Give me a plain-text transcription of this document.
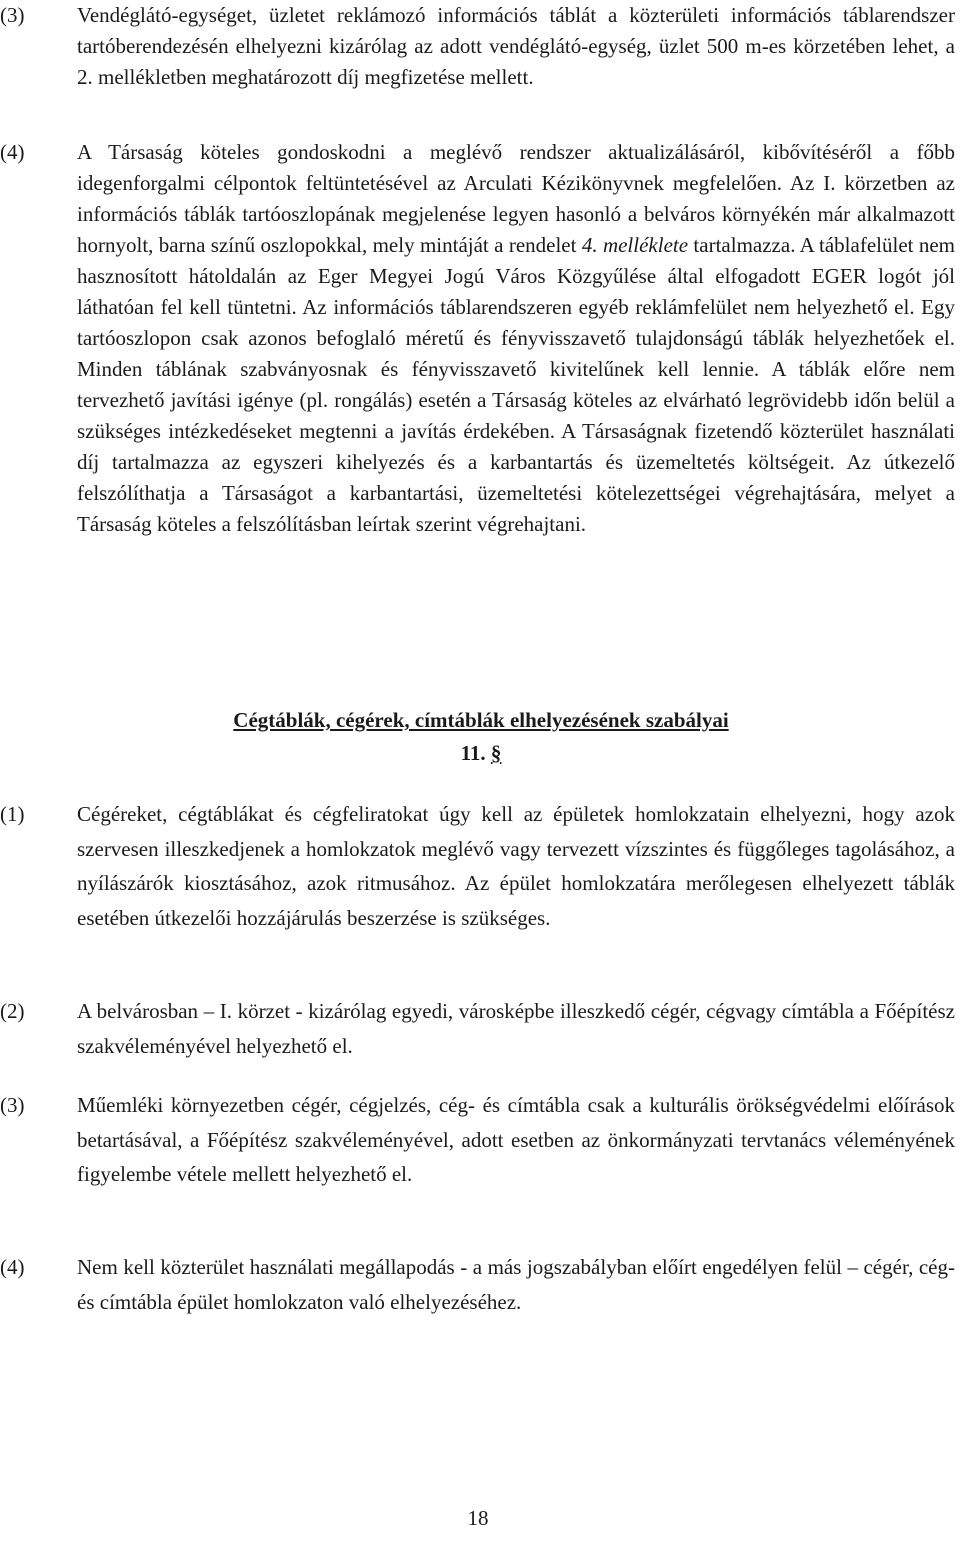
(3)	Vendéglátó-egységet, üzletet reklámozó információs táblát a közterületi információs táblarendszer tartóberendezésén elhelyezni kizárólag az adott vendéglátó-egység, üzlet 500 m-es körzetében lehet, a 2. mellékletben meghatározott díj megfizetése mellett.
(4)	A Társaság köteles gondoskodni a meglévő rendszer aktualizálásáról, kibővítéséről a főbb idegenforgalmi célpontok feltüntetésével az Arculati Kézikönyvnek megfelelően. Az I. körzetben az információs táblák tartóoszlopának megjelenése legyen hasonló a belváros környékén már alkalmazott hornyolt, barna színű oszlopokkal, mely mintáját a rendelet 4. melléklete tartalmazza. A táblafelület nem hasznosított hátoldalán az Eger Megyei Jogú Város Közgyűlése által elfogadott EGER logót jól láthatóan fel kell tüntetni. Az információs táblarendszeren egyéb reklámfelület nem helyezhető el. Egy tartóoszlopon csak azonos befoglaló méretű és fényvisszavető tulajdonságú táblák helyezhetőek el. Minden táblának szabványosnak és fényvisszavető kivitelűnek kell lennie. A táblák előre nem tervezhető javítási igénye (pl. rongálás) esetén a Társaság köteles az elvárható legrövidebb időn belül a szükséges intézkedéseket megtenni a javítás érdekében. A Társaságnak fizetendő közterület használati díj tartalmazza az egyszeri kihelyezés és a karbantartás és üzemeltetés költségeit. Az útkezelő felszólíthatja a Társaságot a karbantartási, üzemeltetési kötelezettségei végrehajtására, melyet a Társaság köteles a felszólításban leírtak szerint végrehajtani.
Cégtáblák, cégérek, címtáblák elhelyezésének szabályai
11. §
(1)	Cégéreket, cégtáblákat és cégfeliratokat úgy kell az épületek homlokzatain elhelyezni, hogy azok szervesen illeszkedjenek a homlokzatok meglévő vagy tervezett vízszintes és függőleges tagolásához, a nyílászárók kiosztásához, azok ritmusához. Az épület homlokzatára merőlegesen elhelyezett táblák esetében útkezelői hozzájárulás beszerzése is szükséges.
(2)	A belvárosban – I. körzet - kizárólag egyedi, városképbe illeszkedő cégér, cégvagy címtábla a Főépítész szakvéleményével helyezhető el.
(3)	Műemléki környezetben cégér, cégjelzés, cég- és címtábla csak a kulturális örökségvédelmi előírások betartásával, a Főépítész szakvéleményével, adott esetben az önkormányzati tervtanács véleményének figyelembe vétele mellett helyezhető el.
(4)	Nem kell közterület használati megállapodás - a más jogszabályban előírt engedélyen felül – cégér, cég- és címtábla épület homlokzaton való elhelyezéséhez.
18
